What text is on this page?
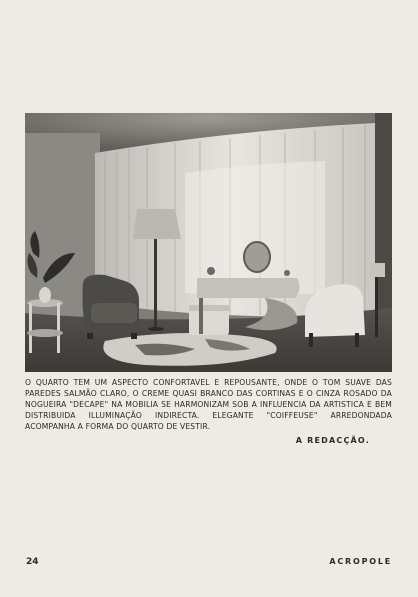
O QUARTO TEM UM ASPECTO CONFORTAVEL E REPOUSANTE, ONDE O TOM SUAVE DAS PAREDES SALMÃO CLARO, O CREME QUASI BRANCO DAS CORTINAS E O CINZA ROSADO DA NOGUEIRA "DECAPE" NA MOBILIA SE HARMONIZAM SOB A INFLUENCIA DA ARTISTICA E BEM DISTRIBUIDA ILLUMINAÇÃO INDIRECTA. ELEGANTE "COIFFEUSE" ARREDONDADA ACOMPANHA A FORMA DO QUARTO DE VESTIR.
A REDACÇÃO.
24	ACROPOLE
